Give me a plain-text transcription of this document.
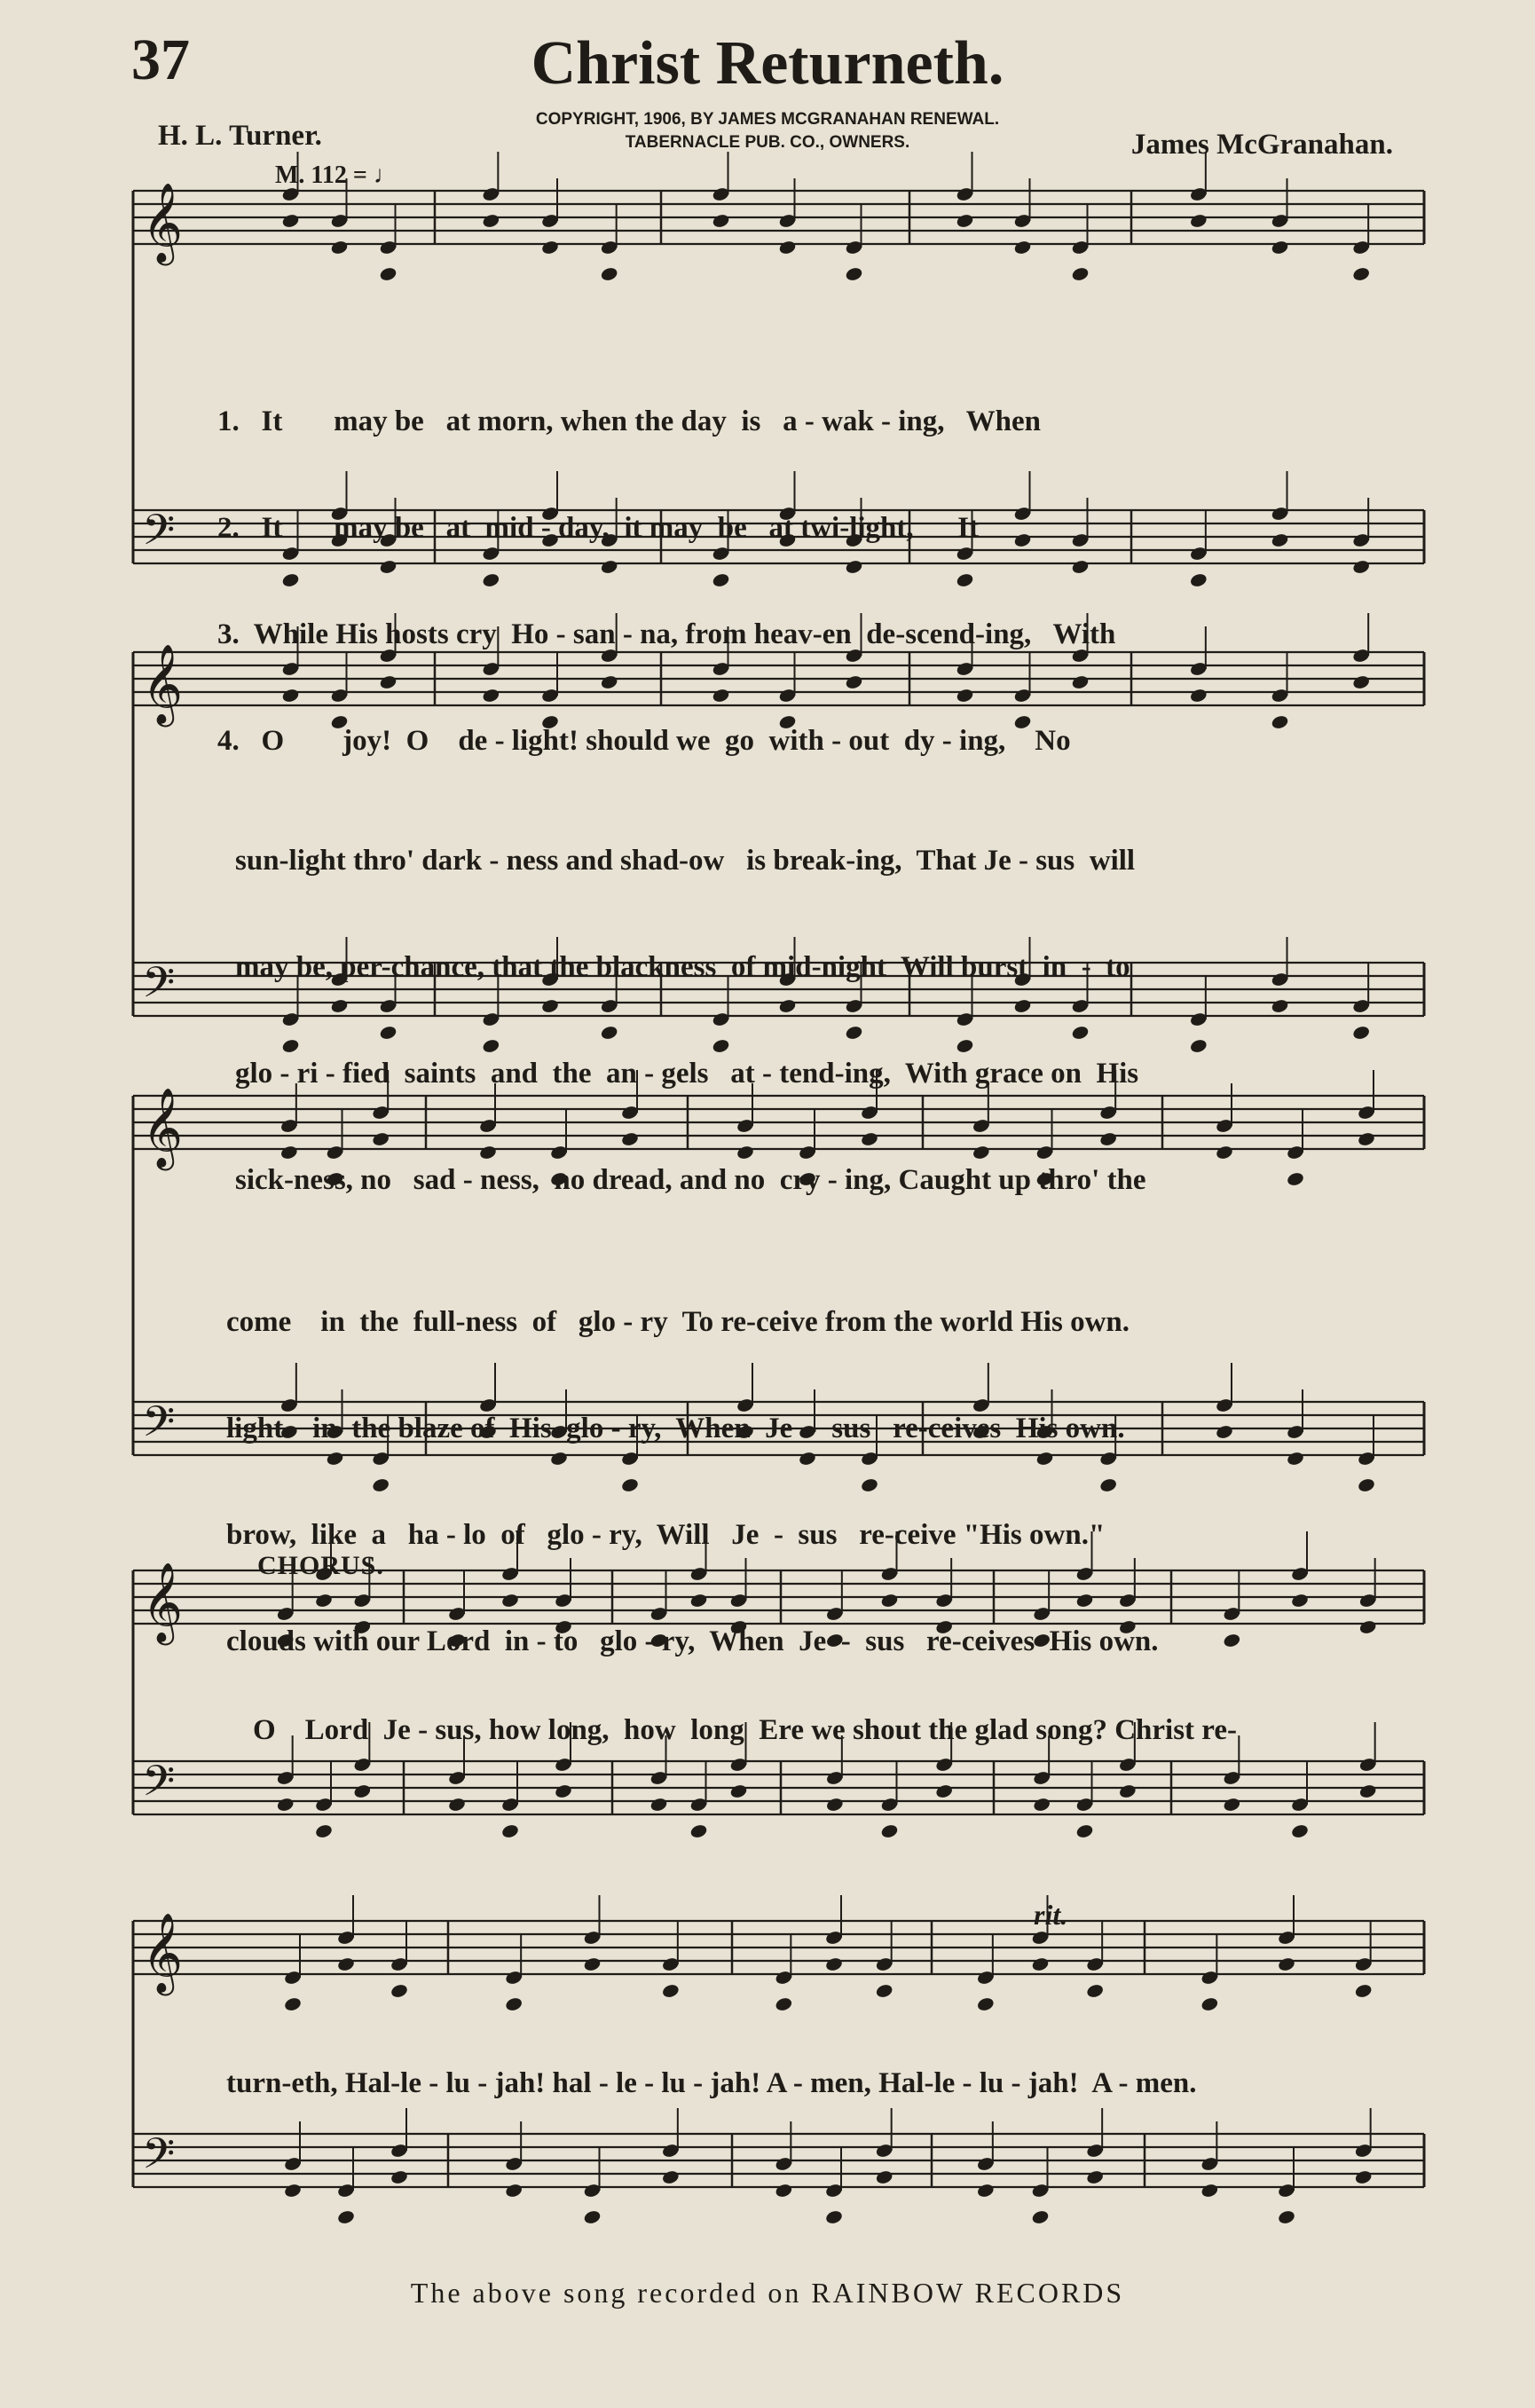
37	Christ Returneth.
COPYRIGHT, 1906, BY JAMES MCGRANAHAN RENEWAL.
TABERNACLE PUB. CO., OWNERS.
H. L. Turner.	James McGranahan.
M. 112 = ♩
𝄞
𝄢
𝄞
𝄢
𝄞
𝄢
𝄞
𝄢
𝄞
𝄢

1.   It       may be   at morn, when the day  is   a - wak - ing,   When

2.   It       may be   at  mid - day,  it may  be   at twi-light,      It

3.  While His hosts cry  Ho - san - na, from heav-en  de-scend-ing,   With

4.   O        joy!  O    de - light! should we  go  with - out  dy - ing,    No

sun-light thro' dark - ness and shad-ow   is break-ing,  That Je - sus  will

may be, per-chance, that the blackness  of mid-night  Will burst  in  -  to

glo - ri - fied  saints  and  the  an - gels   at - tend-ing,  With grace on  His

sick-ness, no   sad - ness,  no dread, and no  cry - ing, Caught up thro' the

come    in  the  full-ness  of   glo - ry  To re-ceive from the world His own.

light    in  the blaze of  His  glo - ry,  When  Je  -  sus   re-ceives  His own.

brow,  like  a   ha - lo  of   glo - ry,  Will   Je  -  sus   re-ceive "His own."

clouds with our Lord  in - to   glo - ry,  When  Je  -  sus   re-ceives  His own.

CHORUS.
O    Lord  Je - sus, how long,  how  long  Ere we shout the glad song? Christ re-
rit.
turn-eth, Hal-le - lu - jah! hal - le - lu - jah! A - men, Hal-le - lu - jah!  A - men.
The above song recorded on RAINBOW RECORDS
